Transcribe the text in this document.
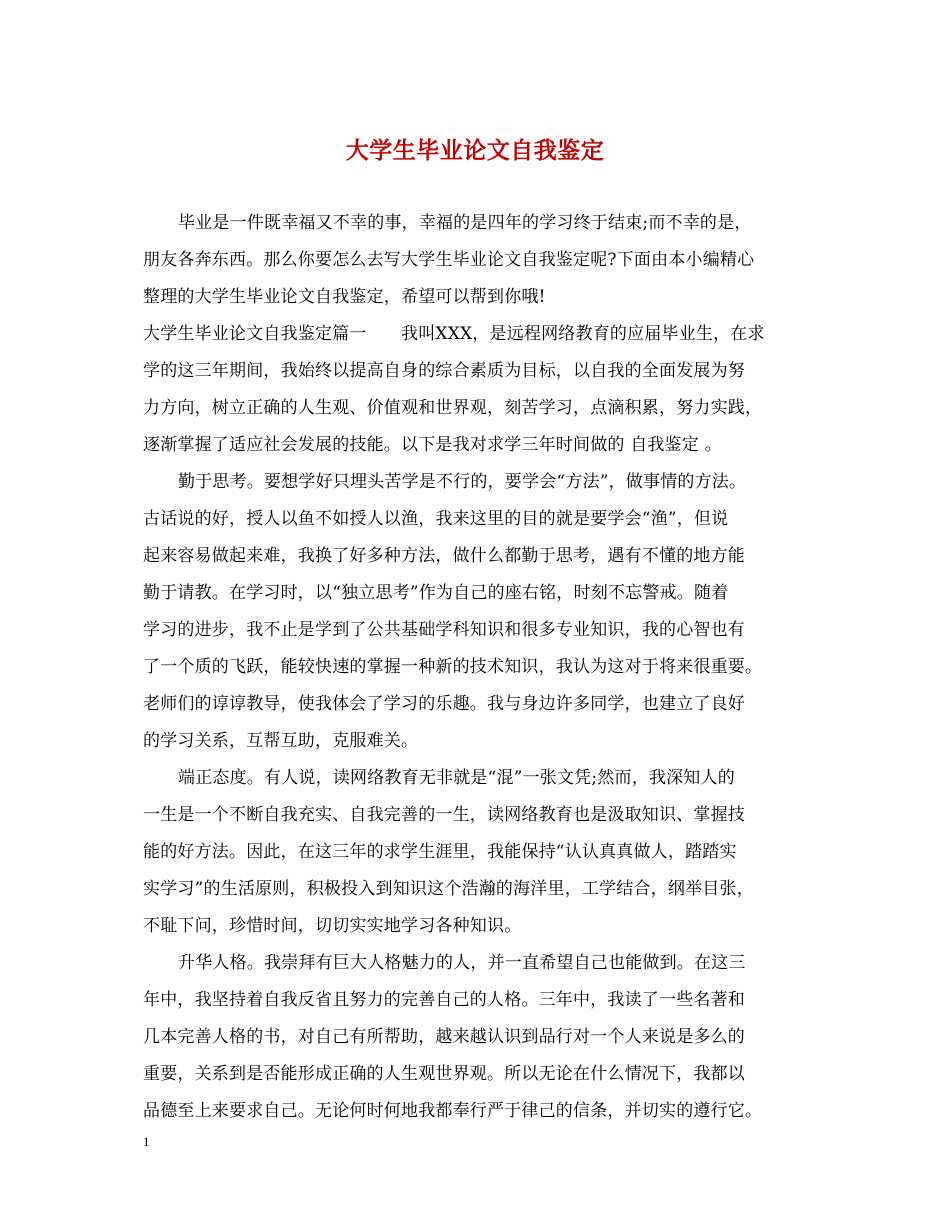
大学生毕业论文自我鉴定
毕业是一件既幸福又不幸的事，幸福的是四年的学习终于结束;而不幸的是，
朋友各奔东西。那么你要怎么去写大学生毕业论文自我鉴定呢?下面由本小编精心
整理的大学生毕业论文自我鉴定，希望可以帮到你哦!
大学生毕业论文自我鉴定篇一　　我叫XXX，是远程网络教育的应届毕业生，在求
学的这三年期间，我始终以提高自身的综合素质为目标，以自我的全面发展为努
力方向，树立正确的人生观、价值观和世界观，刻苦学习，点滴积累，努力实践，
逐渐掌握了适应社会发展的技能。以下是我对求学三年时间做的 自我鉴定 。
勤于思考。要想学好只埋头苦学是不行的，要学会“方法”，做事情的方法。
古话说的好，授人以鱼不如授人以渔，我来这里的目的就是要学会“渔”，但说
起来容易做起来难，我换了好多种方法，做什么都勤于思考，遇有不懂的地方能
勤于请教。在学习时，以“独立思考”作为自己的座右铭，时刻不忘警戒。随着
学习的进步，我不止是学到了公共基础学科知识和很多专业知识，我的心智也有
了一个质的飞跃，能较快速的掌握一种新的技术知识，我认为这对于将来很重要。
老师们的谆谆教导，使我体会了学习的乐趣。我与身边许多同学，也建立了良好
的学习关系，互帮互助，克服难关。
端正态度。有人说，读网络教育无非就是“混”一张文凭;然而，我深知人的
一生是一个不断自我充实、自我完善的一生，读网络教育也是汲取知识、掌握技
能的好方法。因此，在这三年的求学生涯里，我能保持“认认真真做人，踏踏实
实学习”的生活原则，积极投入到知识这个浩瀚的海洋里，工学结合，纲举目张，
不耻下问，珍惜时间，切切实实地学习各种知识。
升华人格。我崇拜有巨大人格魅力的人，并一直希望自己也能做到。在这三
年中，我坚持着自我反省且努力的完善自己的人格。三年中，我读了一些名著和
几本完善人格的书，对自己有所帮助，越来越认识到品行对一个人来说是多么的
重要，关系到是否能形成正确的人生观世界观。所以无论在什么情况下，我都以
品德至上来要求自己。无论何时何地我都奉行严于律己的信条，并切实的遵行它。
1
